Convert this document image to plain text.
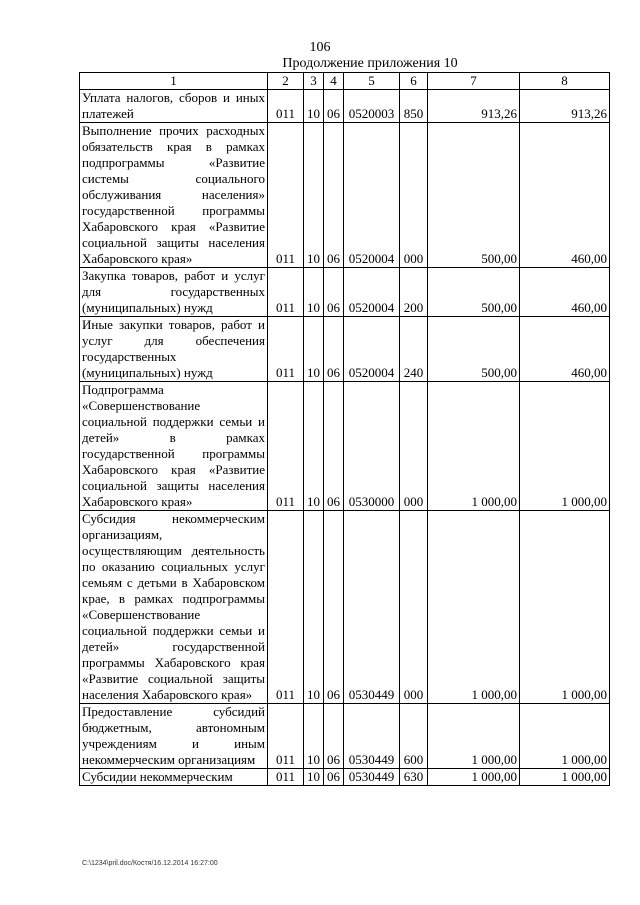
106
Продолжение приложения 10
1	2	3	4	5	6	7	8
Уплата налогов, сборов и иных платежей	011	10	06	0520003	850	913,26	913,26
Выполнение прочих расходных обязательств края в рамках подпрограммы «Развитие системы социального обслуживания населения» государственной программы Хабаровского края «Развитие социальной защиты населения Хабаровского края»	011	10	06	0520004	000	500,00	460,00
Закупка товаров, работ и услуг для государственных (муниципальных) нужд	011	10	06	0520004	200	500,00	460,00
Иные закупки товаров, работ и услуг для обеспечения государственных (муниципальных) нужд	011	10	06	0520004	240	500,00	460,00
Подпрограмма «Совершенствование социальной поддержки семьи и детей» в рамках государственной программы Хабаровского края «Развитие социальной защиты населения Хабаровского края»	011	10	06	0530000	000	1 000,00	1 000,00
Субсидия некоммерческим организациям, осуществляющим деятельность по оказанию социальных услуг семьям с детьми в Хабаровском крае, в рамках подпрограммы «Совершенствование социальной поддержки семьи и детей» государственной программы Хабаровского края «Развитие социальной защиты населения Хабаровского края»	011	10	06	0530449	000	1 000,00	1 000,00
Предоставление субсидий бюджетным, автономным учреждениям и иным некоммерческим организациям	011	10	06	0530449	600	1 000,00	1 000,00
Субсидии некоммерческим	011	10	06	0530449	630	1 000,00	1 000,00
C:\1234\pril.doc/Костя/16.12.2014 16:27:00
